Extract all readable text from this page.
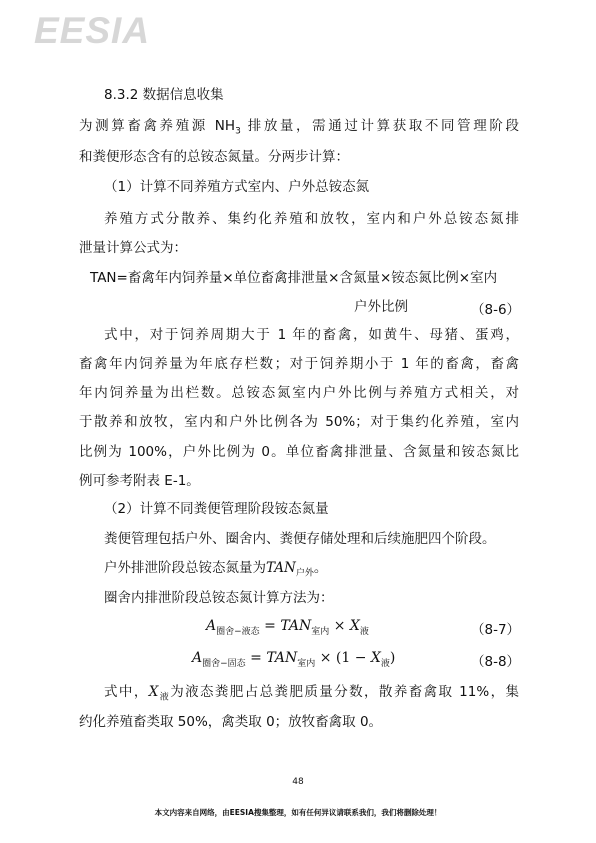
EESIA
8.3.2 数据信息收集
为测算畜禽养殖源 $NH_3$ 排放量，需通过计算获取不同管理阶段
和粪便形态含有的总铵态氮量。分两步计算：
（1）计算不同养殖方式室内、户外总铵态氮
养殖方式分散养、集约化养殖和放牧，室内和户外总铵态氮排
泄量计算公式为：
TAN=畜禽年内饲养量×单位畜禽排泄量×含氮量×铵态氮比例×室内
户外比例	（8-6）
式中，对于饲养周期大于 1 年的畜禽，如黄牛、母猪、蛋鸡，
畜禽年内饲养量为年底存栏数；对于饲养期小于 1 年的畜禽，畜禽
年内饲养量为出栏数。总铵态氮室内户外比例与养殖方式相关，对
于散养和放牧，室内和户外比例各为 50%；对于集约化养殖，室内
比例为 100%，户外比例为 0。单位畜禽排泄量、含氮量和铵态氮比
例可参考附表 E-1。
（2）计算不同粪便管理阶段铵态氮量
粪便管理包括户外、圈舍内、粪便存储处理和后续施肥四个阶段。
户外排泄阶段总铵态氮量为$TAN_{户外}$。
圈舍内排泄阶段总铵态氮计算方法为：
$A_{圈舍-液态} = TAN_{室内} \times X_液$	（8-7）
$A_{圈舍-固态} = TAN_{室内} \times (1 - X_液)$	（8-8）
式中，$X_液$为液态粪肥占总粪肥质量分数，散养畜禽取 11%，集
约化养殖畜类取 50%，禽类取 0；放牧畜禽取 0。
48
本文内容来自网络，由EESIA搜集整理，如有任何异议请联系我们，我们将删除处理！
